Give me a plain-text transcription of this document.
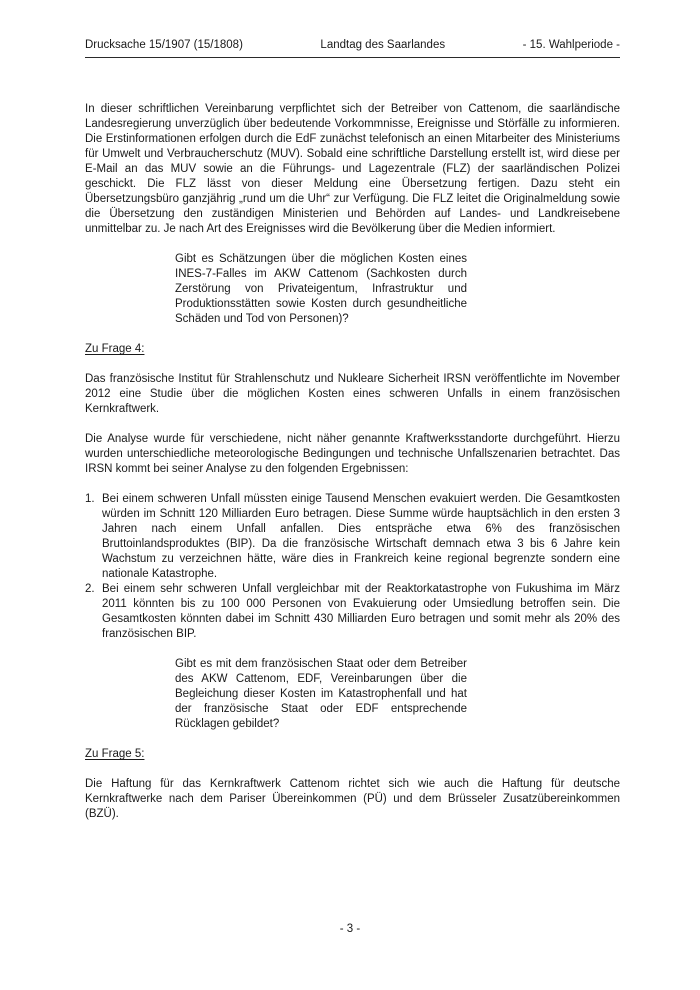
Drucksache 15/1907 (15/1808)	Landtag des Saarlandes	- 15. Wahlperiode -

In dieser schriftlichen Vereinbarung verpflichtet sich der Betreiber von Cattenom, die saarländische Landesregierung unverzüglich über bedeutende Vorkommnisse, Ereignisse und Störfälle zu informieren. Die Erstinformationen erfolgen durch die EdF zunächst telefonisch an einen Mitarbeiter des Ministeriums für Umwelt und Verbraucherschutz (MUV). Sobald eine schriftliche Darstellung erstellt ist, wird diese per E-Mail an das MUV sowie an die Führungs- und Lagezentrale (FLZ) der saarländischen Polizei geschickt. Die FLZ lässt von dieser Meldung eine Übersetzung fertigen. Dazu steht ein Übersetzungsbüro ganzjährig „rund um die Uhr“ zur Verfügung. Die FLZ leitet die Originalmeldung sowie die Übersetzung den zuständigen Ministerien und Behörden auf Landes- und Landkreisebene unmittelbar zu. Je nach Art des Ereignisses wird die Bevölkerung über die Medien informiert.

Gibt es Schätzungen über die möglichen Kosten eines INES-7-Falles im AKW Cattenom (Sachkosten durch Zerstörung von Privateigentum, Infrastruktur und Produktionsstätten sowie Kosten durch gesundheitliche Schäden und Tod von Personen)?

Zu Frage 4:

Das französische Institut für Strahlenschutz und Nukleare Sicherheit IRSN veröffentlichte im November 2012 eine Studie über die möglichen Kosten eines schweren Unfalls in einem französischen Kernkraftwerk.

Die Analyse wurde für verschiedene, nicht näher genannte Kraftwerksstandorte durchgeführt. Hierzu wurden unterschiedliche meteorologische Bedingungen und technische Unfallszenarien betrachtet. Das IRSN kommt bei seiner Analyse zu den folgenden Ergebnissen:

1. Bei einem schweren Unfall müssten einige Tausend Menschen evakuiert werden. Die Gesamtkosten würden im Schnitt 120 Milliarden Euro betragen. Diese Summe würde hauptsächlich in den ersten 3 Jahren nach einem Unfall anfallen. Dies entspräche etwa 6% des französischen Bruttoinlandsproduktes (BIP). Da die französische Wirtschaft demnach etwa 3 bis 6 Jahre kein Wachstum zu verzeichnen hätte, wäre dies in Frankreich keine regional begrenzte sondern eine nationale Katastrophe.
2. Bei einem sehr schweren Unfall vergleichbar mit der Reaktorkatastrophe von Fukushima im März 2011 könnten bis zu 100 000 Personen von Evakuierung oder Umsiedlung betroffen sein. Die Gesamtkosten könnten dabei im Schnitt 430 Milliarden Euro betragen und somit mehr als 20% des französischen BIP.

Gibt es mit dem französischen Staat oder dem Betreiber des AKW Cattenom, EDF, Vereinbarungen über die Begleichung dieser Kosten im Katastrophenfall und hat der französische Staat oder EDF entsprechende Rücklagen gebildet?

Zu Frage 5:

Die Haftung für das Kernkraftwerk Cattenom richtet sich wie auch die Haftung für deutsche Kernkraftwerke nach dem Pariser Übereinkommen (PÜ) und dem Brüsseler Zusatzübereinkommen (BZÜ).

- 3 -
